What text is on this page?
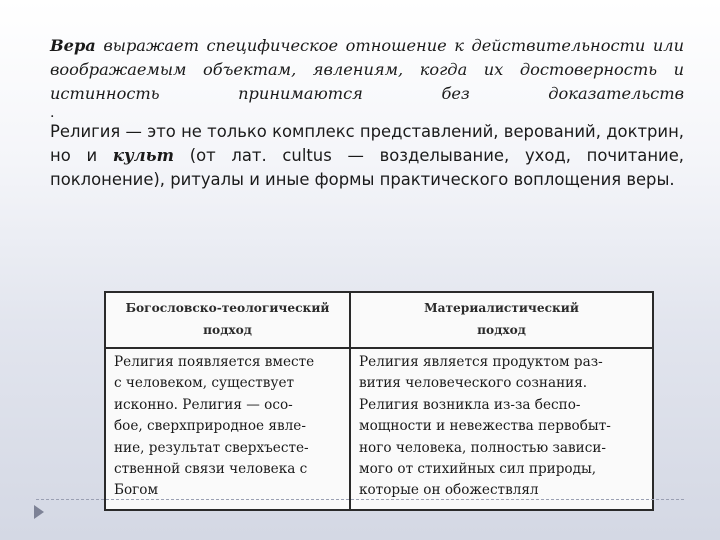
Вера выражает специфическое отношение к действительности или воображаемым объектам, явлениям, когда их достоверность и истинность принимаются без доказательств

.

Религия — это не только комплекс представлений, верований, доктрин, но и культ (от лат. cultus — возделывание, уход, почитание, поклонение), ритуалы и иные формы практического воплощения веры.

Богословско-теологический
подход
Материалистический
подход
Религия появляется вместе
с человеком, существует
исконно. Религия — осо-
бое, сверхприродное явле-
ние, результат сверхъесте-
ственной связи человека с
Богом
Религия является продуктом раз-
вития человеческого сознания.
Религия возникла из-за беспо-
мощности и невежества первобыт-
ного человека, полностью зависи-
мого от стихийных сил природы,
которые он обожествлял
